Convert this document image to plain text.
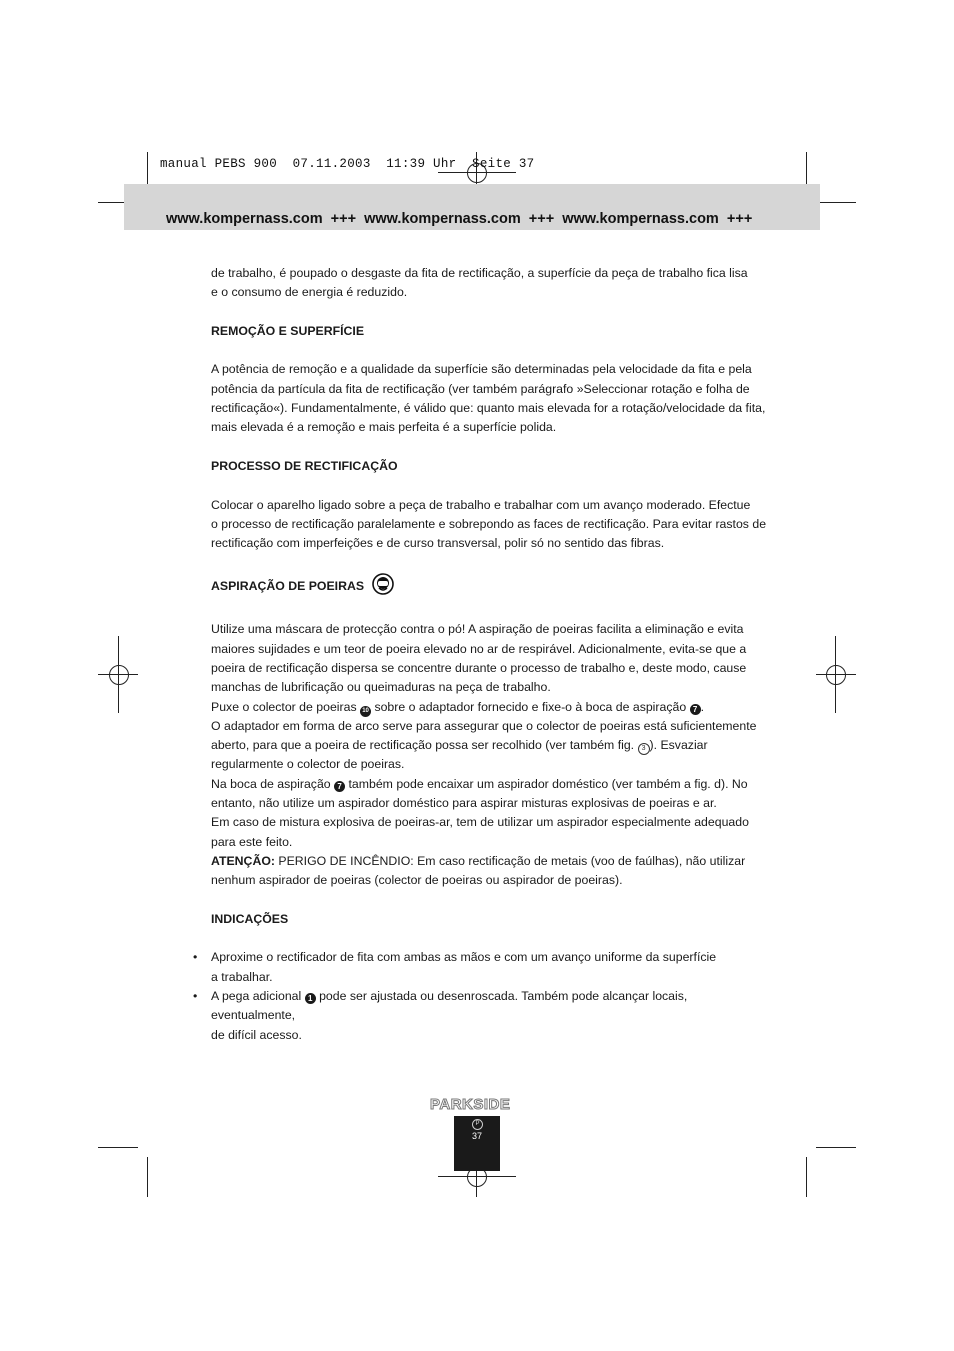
manual PEBS 900  07.11.2003  11:39 Uhr  Seite 37
www.kompernass.com  +++  www.kompernass.com  +++  www.kompernass.com  +++

de trabalho, é poupado o desgaste da fita de rectificação, a superfície da peça de trabalho fica lisa

e o consumo de energia é reduzido.

REMOÇÃO E SUPERFÍCIE

A potência de remoção e a qualidade da superfície são determinadas pela velocidade da fita e pela

potência da partícula da fita de rectificação (ver também parágrafo »Seleccionar rotação e folha de

rectificação«). Fundamentalmente, é válido que: quanto mais elevada for a rotação/velocidade da fita,

mais elevada é a remoção e mais perfeita é a superfície polida.

PROCESSO DE RECTIFICAÇÃO

Colocar o aparelho ligado sobre a peça de trabalho e trabalhar com um avanço moderado. Efectue

o processo de rectificação paralelamente e sobrepondo as faces de rectificação. Para evitar rastos de

rectificação com imperfeições e de curso transversal, polir só no sentido das fibras.

ASPIRAÇÃO DE POEIRAS

Utilize uma máscara de protecção contra o pó! A aspiração de poeiras facilita a eliminação e evita

maiores sujidades e um teor de poeira elevado no ar de respirável. Adicionalmente, evita-se que a

poeira de rectificação dispersa se concentre durante o processo de trabalho e, deste modo, cause

manchas de lubrificação ou queimaduras na peça de trabalho.

Puxe o colector de poeiras 10 sobre o adaptador fornecido e fixe-o à boca de aspiração 7 .

O adaptador em forma de arco serve para assegurar que o colector de poeiras está suficientemente

aberto, para que a poeira de rectificação possa ser recolhido (ver também fig. 3 ). Esvaziar

regularmente o colector de poeiras.

Na boca de aspiração 7 também pode encaixar um aspirador doméstico (ver também a fig. d). No

entanto, não utilize um aspirador doméstico para aspirar misturas explosivas de poeiras e ar.

Em caso de mistura explosiva de poeiras-ar, tem de utilizar um aspirador especialmente adequado

para este feito.

ATENÇÃO: PERIGO DE INCÊNDIO: Em caso rectificação de metais (voo de faúlhas), não utilizar

nenhum aspirador de poeiras (colector de poeiras ou aspirador de poeiras).

INDICAÇÕES

• Aproxime o rectificador de fita com ambas as mãos e com um avanço uniforme da superfície

a trabalhar.

• A pega adicional 1 pode ser ajustada ou desenroscada. Também pode alcançar locais, eventualmente,

de difícil acesso.

PARKSIDE
P
37
